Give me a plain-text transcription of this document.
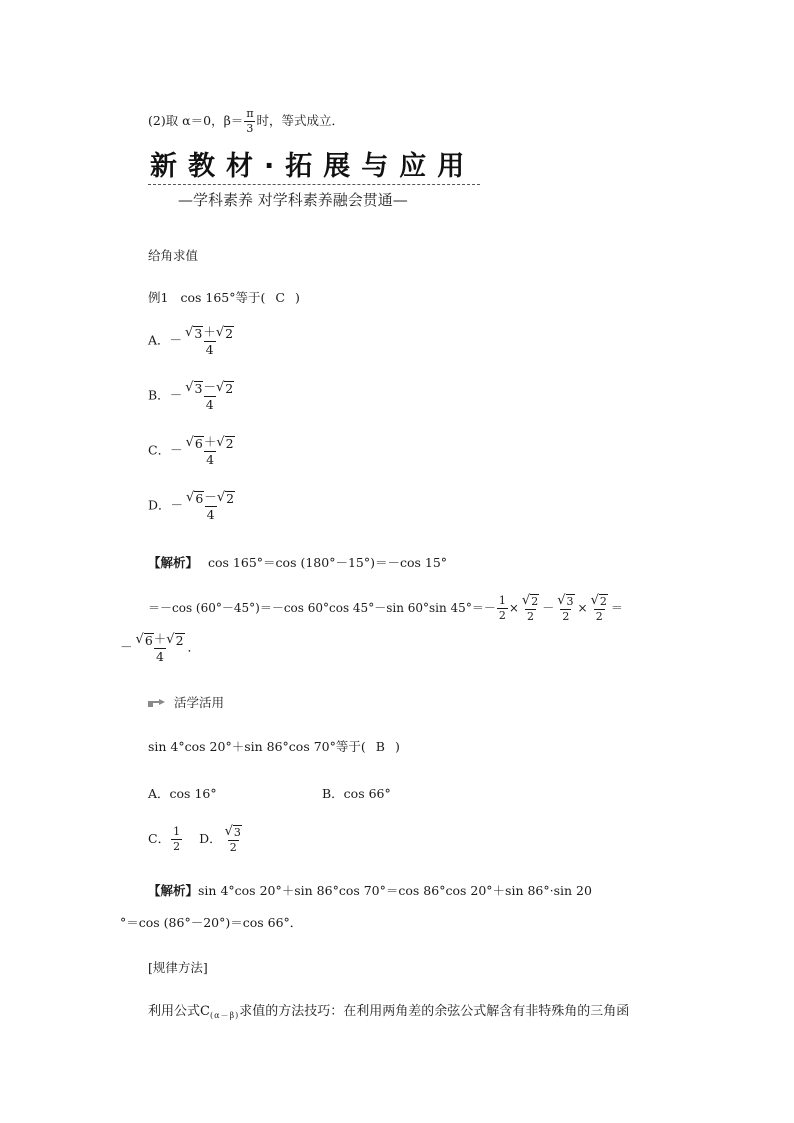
(2)取 α＝0，$\beta= \frac{\pi}{3}$ 时，等式成立．
新教材·拓展与应用
—学科素养 对学科素养融会贯通—
给角求值
例1 cos 165°等于( C )
A．－ $\frac{√ 3 + √ 2}{4}$
B．－ $\frac{√ 3 - √ 2}{4}$
C．－ $\frac{√ 6 + √ 2}{4}$
D．－ $\frac{√ 6 - √ 2}{4}$
【解析】 cos 165°＝cos (180°－15°)＝－cos 15°
＝－cos (60°－45°)＝－cos 60°cos 45°－sin 60°sin $45^\circ=- \frac{1}{2} \times \frac{√ 2}{2} - \frac{√ 3}{2} \times \frac{√ 2}{2}$ ＝
－ $\frac{√ 6 + √ 2}{4}$ ．
活学活用
sin 4°cos 20°＋sin 86°cos 70°等于( B )
A．cos 16°	B．cos 66°
C． $\frac{1}{2}$ D． $\frac{√ 3}{2}$
【解析】sin 4°cos 20°＋sin 86°cos 70°＝cos 86°cos 20°＋sin 86°·sin 20
°＝cos (86°－20°)＝cos 66°．
[规律方法]
利用公式$C_{(\alpha-\beta)}$求值的方法技巧：在利用两角差的余弦公式解含有非特殊角的三角函
